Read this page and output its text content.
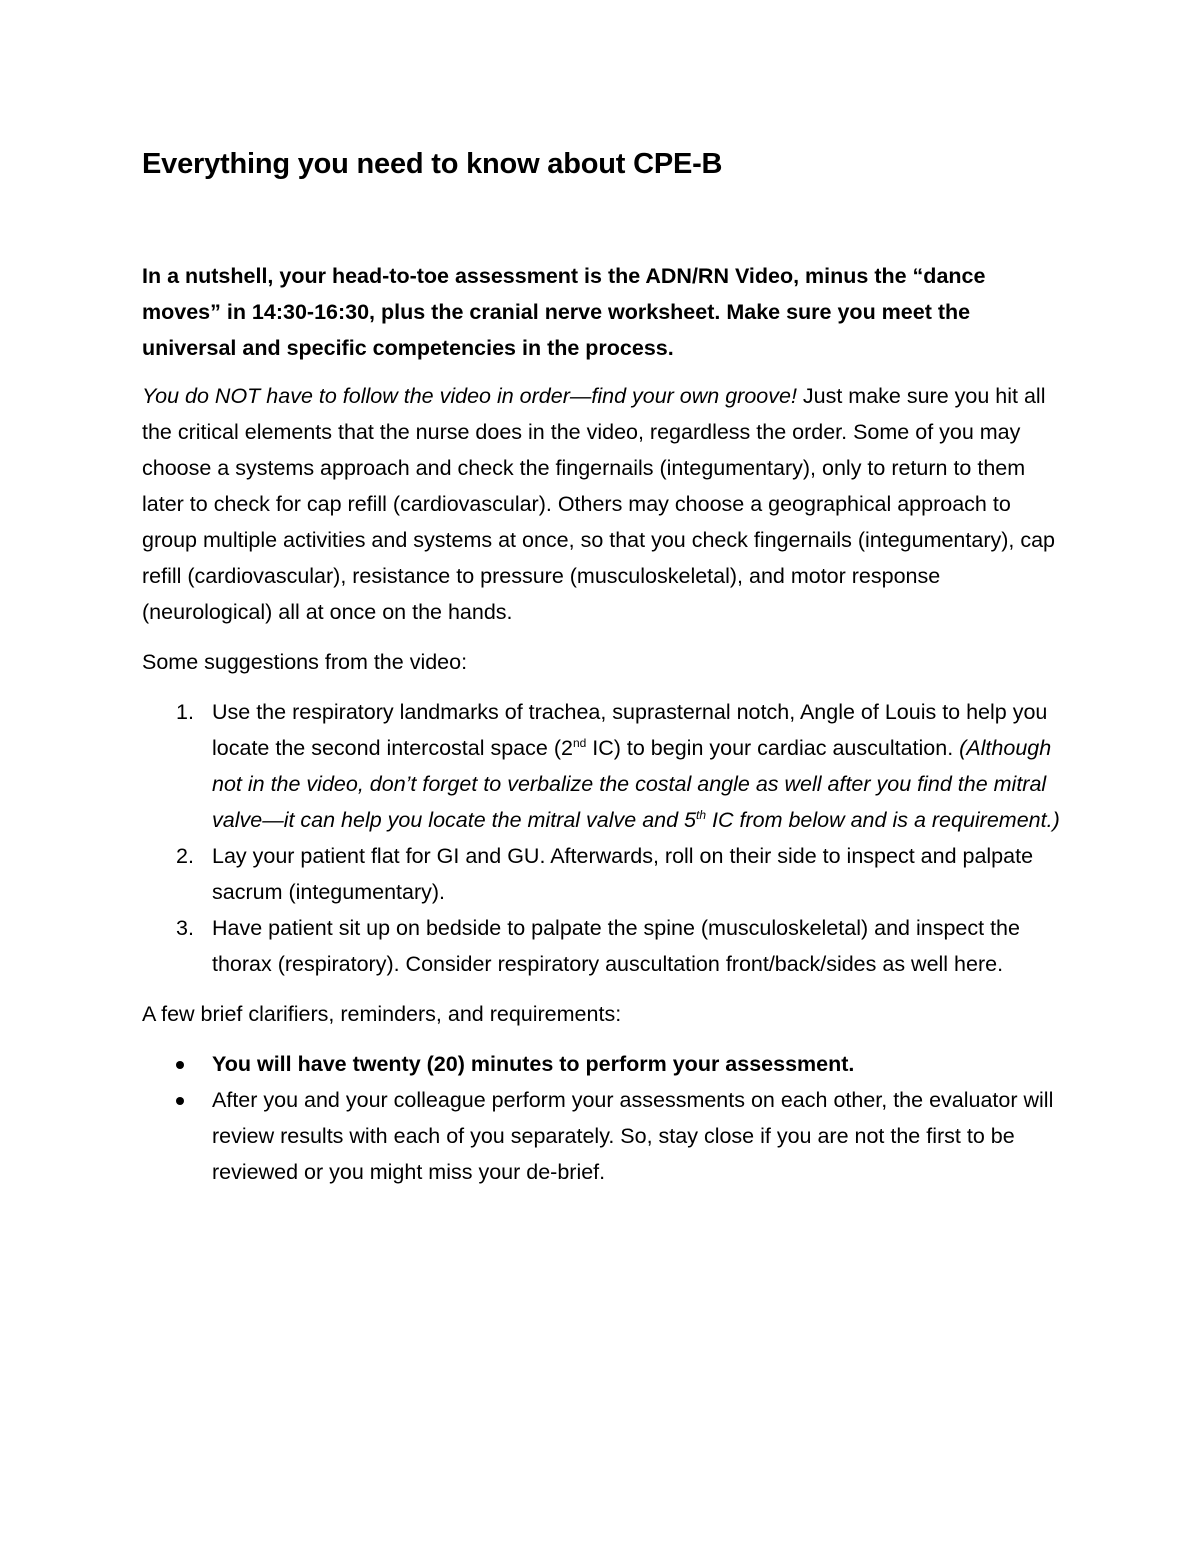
Everything you need to know about CPE-B

In a nutshell, your head-to-toe assessment is the ADN/RN Video, minus the “dance moves” in 14:30-16:30, plus the cranial nerve worksheet. Make sure you meet the universal and specific competencies in the process.

You do NOT have to follow the video in order—find your own groove! Just make sure you hit all the critical elements that the nurse does in the video, regardless the order. Some of you may choose a systems approach and check the fingernails (integumentary), only to return to them later to check for cap refill (cardiovascular). Others may choose a geographical approach to group multiple activities and systems at once, so that you check fingernails (integumentary), cap refill (cardiovascular), resistance to pressure (musculoskeletal), and motor response (neurological) all at once on the hands.

Some suggestions from the video:

1. Use the respiratory landmarks of trachea, suprasternal notch, Angle of Louis to help you locate the second intercostal space (2nd IC) to begin your cardiac auscultation. (Although not in the video, don’t forget to verbalize the costal angle as well after you find the mitral valve—it can help you locate the mitral valve and 5th IC from below and is a requirement.)
2. Lay your patient flat for GI and GU. Afterwards, roll on their side to inspect and palpate sacrum (integumentary).
3. Have patient sit up on bedside to palpate the spine (musculoskeletal) and inspect the thorax (respiratory). Consider respiratory auscultation front/back/sides as well here.

A few brief clarifiers, reminders, and requirements:

You will have twenty (20) minutes to perform your assessment.
After you and your colleague perform your assessments on each other, the evaluator will review results with each of you separately. So, stay close if you are not the first to be reviewed or you might miss your de-brief.
